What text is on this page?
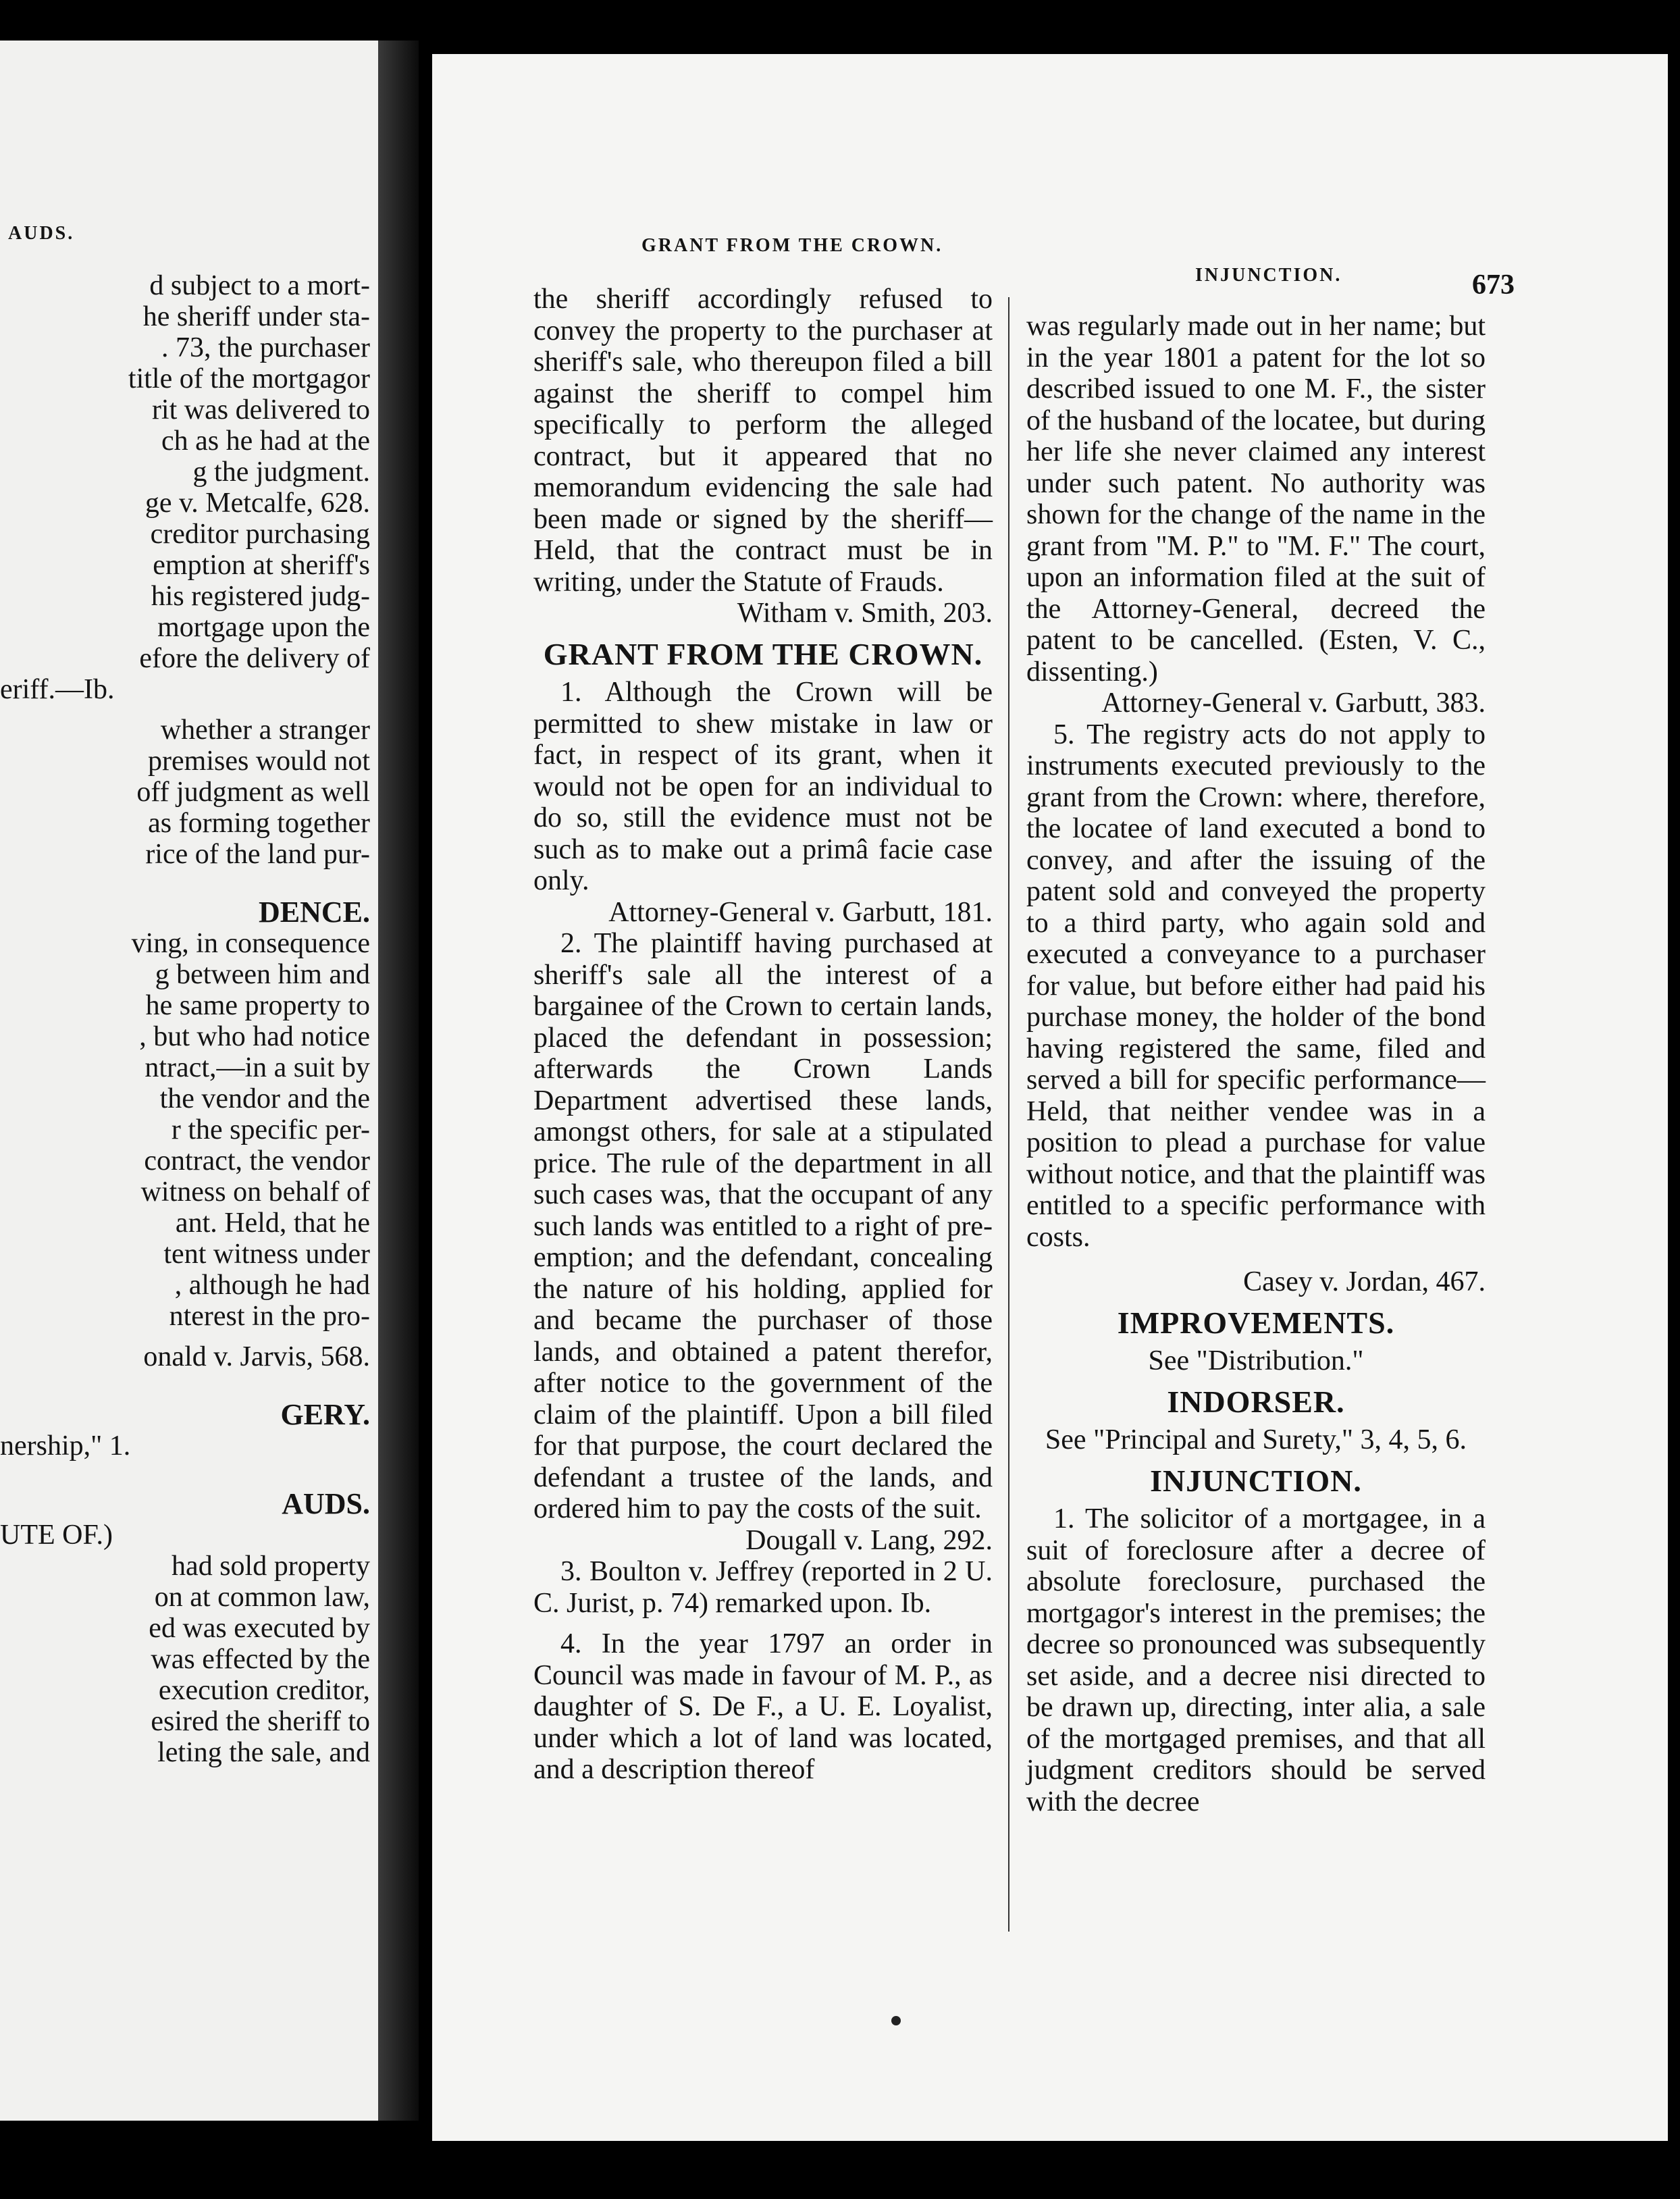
AUDS.
d subject to a mort-
he sheriff under sta-
. 73, the purchaser
title of the mortgagor
rit was delivered to
ch as he had at the
g the judgment.
ge v. Metcalfe, 628.
creditor purchasing
emption at sheriff's
his registered judg-
mortgage upon the
efore the delivery of
eriff.—Ib.
whether a stranger
premises would not
off judgment as well
as forming together
rice of the land pur-
DENCE.
ving, in consequence
g between him and
he same property to
, but who had notice
ntract,—in a suit by
the vendor and the
r the specific per-
contract, the vendor
witness on behalf of
ant. Held, that he
tent witness under
, although he had
nterest in the pro-
onald v. Jarvis, 568.
GERY.
nership," 1.
AUDS.
UTE OF.)
had sold property
on at common law,
ed was executed by
was effected by the
execution creditor,
esired the sheriff to
leting the sale, and
GRANT FROM THE CROWN.
INJUNCTION.	673

the sheriff accordingly refused to convey the property to the purchaser at sheriff's sale, who thereupon filed a bill against the sheriff to compel him specifically to perform the alleged contract, but it appeared that no memorandum evidencing the sale had been made or signed by the sheriff—Held, that the contract must be in writing, under the Statute of Frauds.

Witham v. Smith, 203.

GRANT FROM THE CROWN.

1. Although the Crown will be permitted to shew mistake in law or fact, in respect of its grant, when it would not be open for an individual to do so, still the evidence must not be such as to make out a primâ facie case only.

Attorney-General v. Garbutt, 181.

2. The plaintiff having purchased at sheriff's sale all the interest of a bargainee of the Crown to certain lands, placed the defendant in possession; afterwards the Crown Lands Department advertised these lands, amongst others, for sale at a stipulated price. The rule of the department in all such cases was, that the occupant of any such lands was entitled to a right of pre-emption; and the defendant, concealing the nature of his holding, applied for and became the purchaser of those lands, and obtained a patent therefor, after notice to the government of the claim of the plaintiff. Upon a bill filed for that purpose, the court declared the defendant a trustee of the lands, and ordered him to pay the costs of the suit.

Dougall v. Lang, 292.

3. Boulton v. Jeffrey (reported in 2 U. C. Jurist, p. 74) remarked upon. Ib.

4. In the year 1797 an order in Council was made in favour of M. P., as daughter of S. De F., a U. E. Loyalist, under which a lot of land was located, and a description thereof

was regularly made out in her name; but in the year 1801 a patent for the lot so described issued to one M. F., the sister of the husband of the locatee, but during her life she never claimed any interest under such patent. No authority was shown for the change of the name in the grant from "M. P." to "M. F." The court, upon an information filed at the suit of the Attorney-General, decreed the patent to be cancelled. (Esten, V. C., dissenting.)

Attorney-General v. Garbutt, 383.

5. The registry acts do not apply to instruments executed previously to the grant from the Crown: where, therefore, the locatee of land executed a bond to convey, and after the issuing of the patent sold and conveyed the property to a third party, who again sold and executed a conveyance to a purchaser for value, but before either had paid his purchase money, the holder of the bond having registered the same, filed and served a bill for specific performance—Held, that neither vendee was in a position to plead a purchase for value without notice, and that the plaintiff was entitled to a specific performance with costs.

Casey v. Jordan, 467.

IMPROVEMENTS.

See "Distribution."

INDORSER.

See "Principal and Surety," 3, 4, 5, 6.

INJUNCTION.

1. The solicitor of a mortgagee, in a suit of foreclosure after a decree of absolute foreclosure, purchased the mortgagor's interest in the premises; the decree so pronounced was subsequently set aside, and a decree nisi directed to be drawn up, directing, inter alia, a sale of the mortgaged premises, and that all judgment creditors should be served with the decree
